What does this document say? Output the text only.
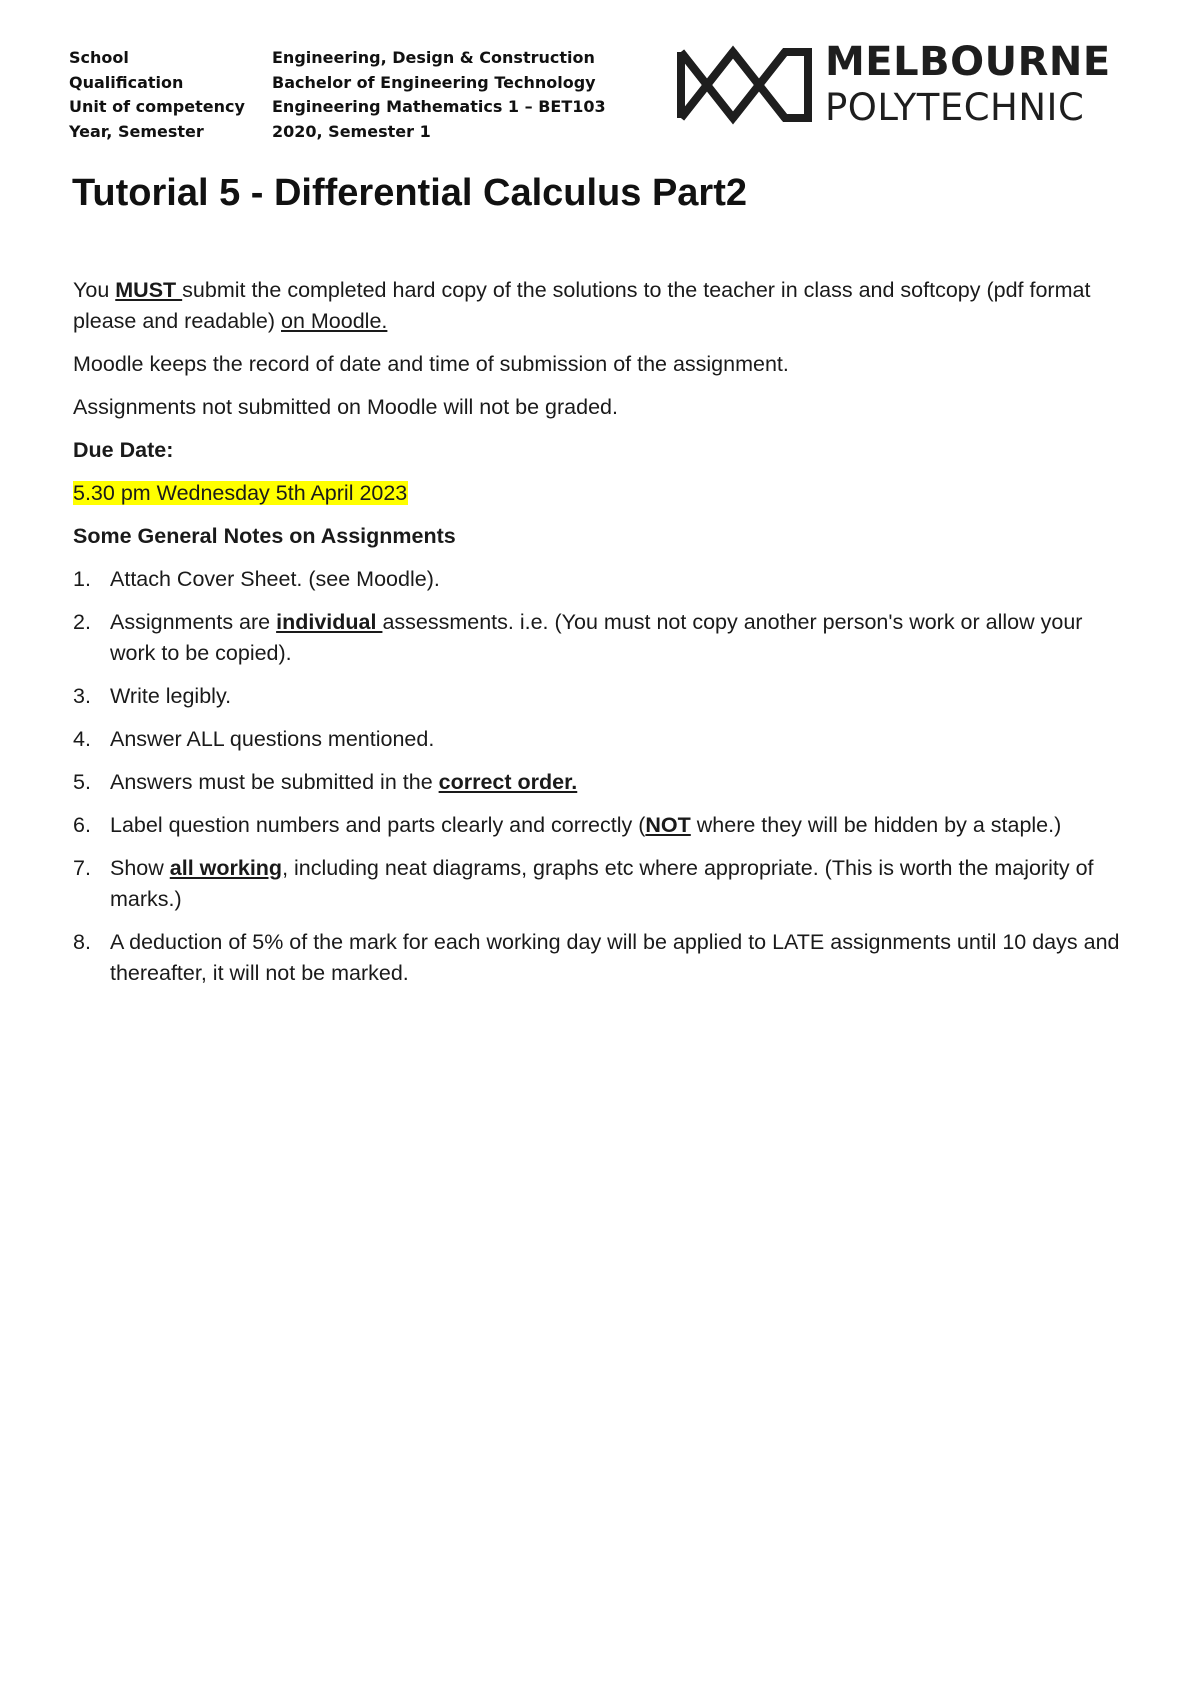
School	Engineering, Design & Construction
Qualification	Bachelor of Engineering Technology
Unit of competency	Engineering Mathematics 1 – BET103
Year, Semester	2020, Semester 1
MELBOURNE
POLYTECHNIC
Tutorial 5 - Differential Calculus Part2

You MUST submit the completed hard copy of the solutions to the teacher in class and softcopy (pdf format please and readable) on Moodle.

Moodle keeps the record of date and time of submission of the assignment.

Assignments not submitted on Moodle will not be graded.

Due Date:

5.30 pm Wednesday 5th April 2023

Some General Notes on Assignments

1. Attach Cover Sheet. (see Moodle).
2. Assignments are individual assessments. i.e. (You must not copy another person's work or allow your work to be copied).
3. Write legibly.
4. Answer ALL questions mentioned.
5. Answers must be submitted in the correct order.
6. Label question numbers and parts clearly and correctly (NOT where they will be hidden by a staple.)
7. Show all working, including neat diagrams, graphs etc where appropriate. (This is worth the majority of marks.)
8. A deduction of 5% of the mark for each working day will be applied to LATE assignments until 10 days and thereafter, it will not be marked.
